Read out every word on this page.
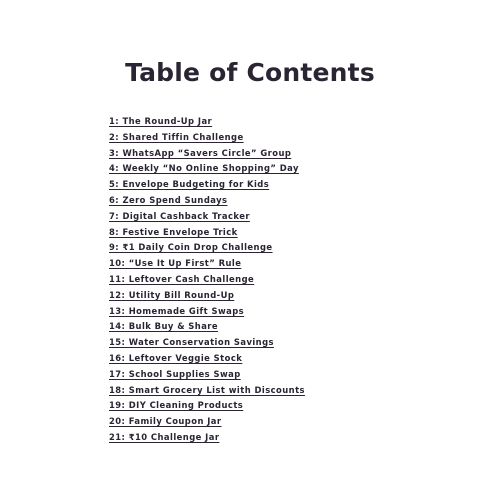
Table of Contents
1: The Round-Up Jar
2: Shared Tiffin Challenge
3: WhatsApp “Savers Circle” Group
4: Weekly “No Online Shopping” Day
5: Envelope Budgeting for Kids
6: Zero Spend Sundays
7: Digital Cashback Tracker
8: Festive Envelope Trick
9: ₹1 Daily Coin Drop Challenge
10: “Use It Up First” Rule
11: Leftover Cash Challenge
12: Utility Bill Round-Up
13: Homemade Gift Swaps
14: Bulk Buy & Share
15: Water Conservation Savings
16: Leftover Veggie Stock
17: School Supplies Swap
18: Smart Grocery List with Discounts
19: DIY Cleaning Products
20: Family Coupon Jar
21: ₹10 Challenge Jar
